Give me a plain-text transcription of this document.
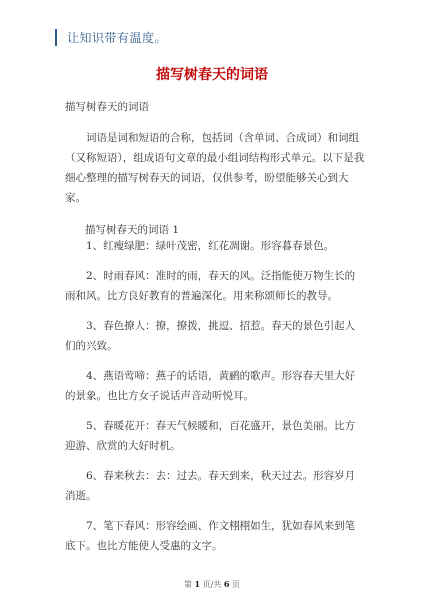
让知识带有温度。
描写树春天的词语
描写树春天的词语

词语是词和短语的合称，包括词（含单词、合成词）和词组（又称短语），组成语句文章的最小组词结构形式单元。以下是我细心整理的描写树春天的词语，仅供参考，盼望能够关心到大家。

描写树春天的词语 1

1、红瘦绿肥：绿叶茂密，红花凋谢。形容暮春景色。

2、时雨春风：准时的雨，春天的风。泛指能使万物生长的雨和风。比方良好教育的普遍深化。用来称颂师长的教导。

3、春色撩人：撩，撩拨，挑逗、招惹。春天的景色引起人们的兴致。

4、燕语莺啼：燕子的话语，黄鹂的歌声。形容春天里大好的景象。也比方女子说话声音动听悦耳。

5、春暖花开：春天气候暖和，百花盛开，景色美丽。比方迎游、欣赏的大好时机。

6、春来秋去：去：过去。春天到来，秋天过去。形容岁月消逝。

7、笔下春风：形容绘画、作文栩栩如生，犹如春风来到笔底下。也比方能使人受惠的文字。

第 1 页/共 6 页
